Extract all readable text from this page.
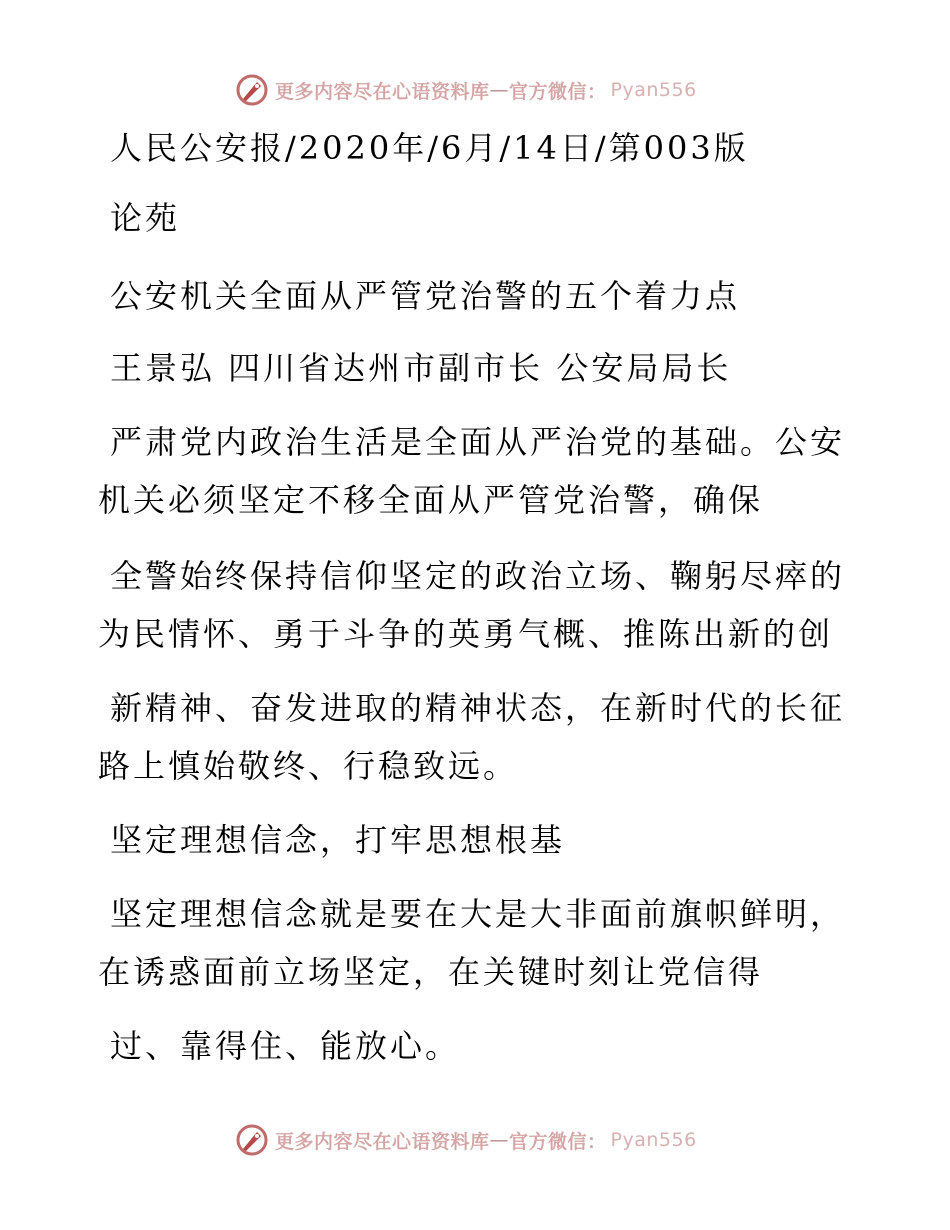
更多内容尽在心语资料库 — 官方微信： Pyan556
人民公安报/2020年/6月/14日/第003版
论苑
公安机关全面从严管党治警的五个着力点
王景弘 四川省达州市副市长 公安局局长
严肃党内政治生活是全面从严治党的基础。公安
机关必须坚定不移全面从严管党治警，确保
全警始终保持信仰坚定的政治立场、鞠躬尽瘁的
为民情怀、勇于斗争的英勇气概、推陈出新的创
新精神、奋发进取的精神状态，在新时代的长征
路上慎始敬终、行稳致远。
坚定理想信念，打牢思想根基
坚定理想信念就是要在大是大非面前旗帜鲜明，
在诱惑面前立场坚定，在关键时刻让党信得
过、靠得住、能放心。
更多内容尽在心语资料库 — 官方微信： Pyan556
